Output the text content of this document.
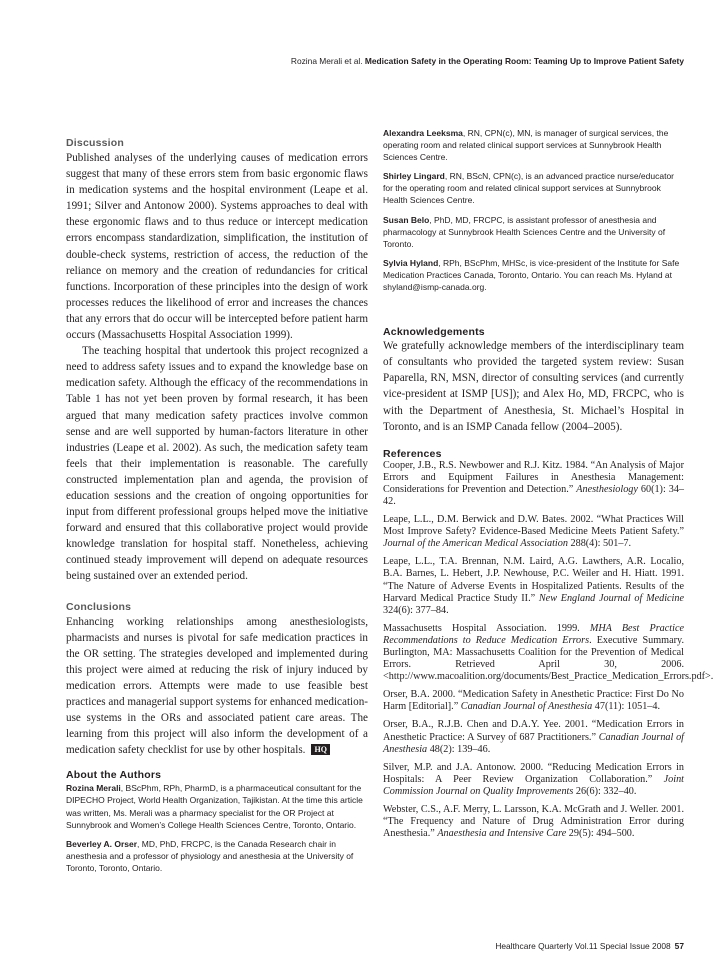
Rozina Merali et al. Medication Safety in the Operating Room: Teaming Up to Improve Patient Safety
Discussion

Published analyses of the underlying causes of medication errors suggest that many of these errors stem from basic ergonomic flaws in medication systems and the hospital environment (Leape et al. 1991; Silver and Antonow 2000). Systems approaches to deal with these ergonomic flaws and to thus reduce or intercept medication errors encompass standardization, simplification, the institution of double-check systems, restriction of access, the reduction of the reliance on memory and the creation of redundancies for critical functions. Incorporation of these principles into the design of work processes reduces the likelihood of error and increases the chances that any errors that do occur will be intercepted before patient harm occurs (Massachusetts Hospital Association 1999).

The teaching hospital that undertook this project recognized a need to address safety issues and to expand the knowledge base on medication safety. Although the efficacy of the recommendations in Table 1 has not yet been proven by formal research, it has been argued that many medication safety practices involve common sense and are well supported by human-factors literature in other industries (Leape et al. 2002). As such, the medication safety team feels that their implementation is reasonable. The carefully constructed implementation plan and agenda, the provision of education sessions and the creation of ongoing opportunities for input from different professional groups helped move the initiative forward and ensured that this collaborative project would provide knowledge translation for hospital staff. Nonetheless, achieving continued steady improvement will depend on adequate resources being sustained over an extended period.

Conclusions

Enhancing working relationships among anesthesiologists, pharmacists and nurses is pivotal for safe medication practices in the OR setting. The strategies developed and implemented during this project were aimed at reducing the risk of injury induced by medication errors. Attempts were made to use feasible best practices and managerial support systems for enhanced medication-use systems in the ORs and associated patient care areas. The learning from this project will also inform the development of a medication safety checklist for use by other hospitals. HQ

About the Authors

Rozina Merali, BScPhm, RPh, PharmD, is a pharmaceutical consultant for the DIPECHO Project, World Health Organization, Tajikistan. At the time this article was written, Ms. Merali was a pharmacy specialist for the OR Project at Sunnybrook and Women’s College Health Sciences Centre, Toronto, Ontario.

Beverley A. Orser, MD, PhD, FRCPC, is the Canada Research chair in anesthesia and a professor of physiology and anesthesia at the University of Toronto, Toronto, Ontario.

Alexandra Leeksma, RN, CPN(c), MN, is manager of surgical services, the operating room and related clinical support services at Sunnybrook Health Sciences Centre.

Shirley Lingard, RN, BScN, CPN(c), is an advanced practice nurse/educator for the operating room and related clinical support services at Sunnybrook Health Sciences Centre.

Susan Belo, PhD, MD, FRCPC, is assistant professor of anesthesia and pharmacology at Sunnybrook Health Sciences Centre and the University of Toronto.

Sylvia Hyland, RPh, BScPhm, MHSc, is vice-president of the Institute for Safe Medication Practices Canada, Toronto, Ontario. You can reach Ms. Hyland at shyland@ismp-canada.org.

Acknowledgements

We gratefully acknowledge members of the interdisciplinary team of consultants who provided the targeted system review: Susan Paparella, RN, MSN, director of consulting services (and currently vice-president at ISMP [US]); and Alex Ho, MD, FRCPC, who is with the Department of Anesthesia, St. Michael’s Hospital in Toronto, and is an ISMP Canada fellow (2004–2005).

References

Cooper, J.B., R.S. Newbower and R.J. Kitz. 1984. “An Analysis of Major Errors and Equipment Failures in Anesthesia Management: Considerations for Prevention and Detection.” Anesthesiology 60(1): 34–42.

Leape, L.L., D.M. Berwick and D.W. Bates. 2002. “What Practices Will Most Improve Safety? Evidence-Based Medicine Meets Patient Safety.” Journal of the American Medical Association 288(4): 501–7.

Leape, L.L., T.A. Brennan, N.M. Laird, A.G. Lawthers, A.R. Localio, B.A. Barnes, L. Hebert, J.P. Newhouse, P.C. Weiler and H. Hiatt. 1991. “The Nature of Adverse Events in Hospitalized Patients. Results of the Harvard Medical Practice Study II.” New England Journal of Medicine 324(6): 377–84.

Massachusetts Hospital Association. 1999. MHA Best Practice Recommendations to Reduce Medication Errors. Executive Summary. Burlington, MA: Massachusetts Coalition for the Prevention of Medical Errors. Retrieved April 30, 2006. <http://www.macoalition.org/documents/Best_Practice_Medication_Errors.pdf>.

Orser, B.A. 2000. “Medication Safety in Anesthetic Practice: First Do No Harm [Editorial].” Canadian Journal of Anesthesia 47(11): 1051–4.

Orser, B.A., R.J.B. Chen and D.A.Y. Yee. 2001. “Medication Errors in Anesthetic Practice: A Survey of 687 Practitioners.” Canadian Journal of Anesthesia 48(2): 139–46.

Silver, M.P. and J.A. Antonow. 2000. “Reducing Medication Errors in Hospitals: A Peer Review Organization Collaboration.” Joint Commission Journal on Quality Improvements 26(6): 332–40.

Webster, C.S., A.F. Merry, L. Larsson, K.A. McGrath and J. Weller. 2001. “The Frequency and Nature of Drug Administration Error during Anesthesia.” Anaesthesia and Intensive Care 29(5): 494–500.

Healthcare Quarterly Vol.11 Special Issue 2008 57
